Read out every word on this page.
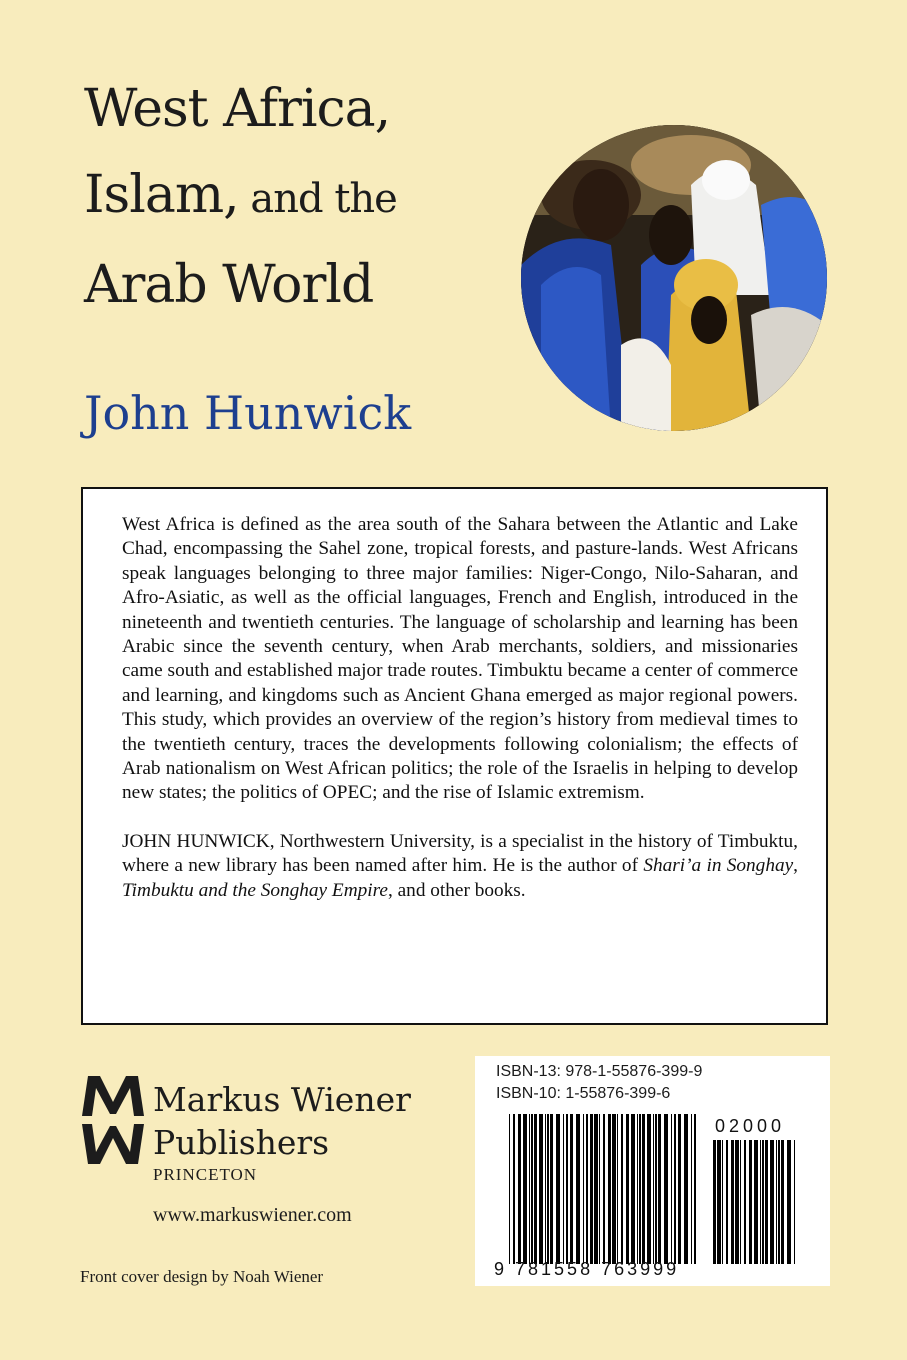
West Africa,
Islam, and the
Arab World
John Hunwick

West Africa is defined as the area south of the Sahara between the Atlantic and Lake Chad, encompassing the Sahel zone, tropical forests, and pasture-lands. West Africans speak languages belonging to three major families: Niger-Congo, Nilo-Saharan, and Afro-Asiatic, as well as the official languages, French and English, introduced in the nineteenth and twentieth centuries. The language of scholarship and learning has been Arabic since the seventh century, when Arab merchants, soldiers, and missionaries came south and established major trade routes. Timbuktu became a center of commerce and learning, and kingdoms such as Ancient Ghana emerged as major regional powers. This study, which provides an overview of the region’s history from medieval times to the twentieth century, traces the developments following colonialism; the effects of Arab nationalism on West African politics; the role of the Israelis in helping to develop new states; the politics of OPEC; and the rise of Islamic extremism.

JOHN HUNWICK, Northwestern University, is a specialist in the history of Timbuktu, where a new library has been named after him. He is the author of Shari’a in Songhay, Timbuktu and the Songhay Empire, and other books.

Markus Wiener
Publishers
PRINCETON
www.markuswiener.com
Front cover design by Noah Wiener
ISBN-13: 978-1-55876-399-9
ISBN-10: 1-55876-399-6
02000
9 781558 763999
